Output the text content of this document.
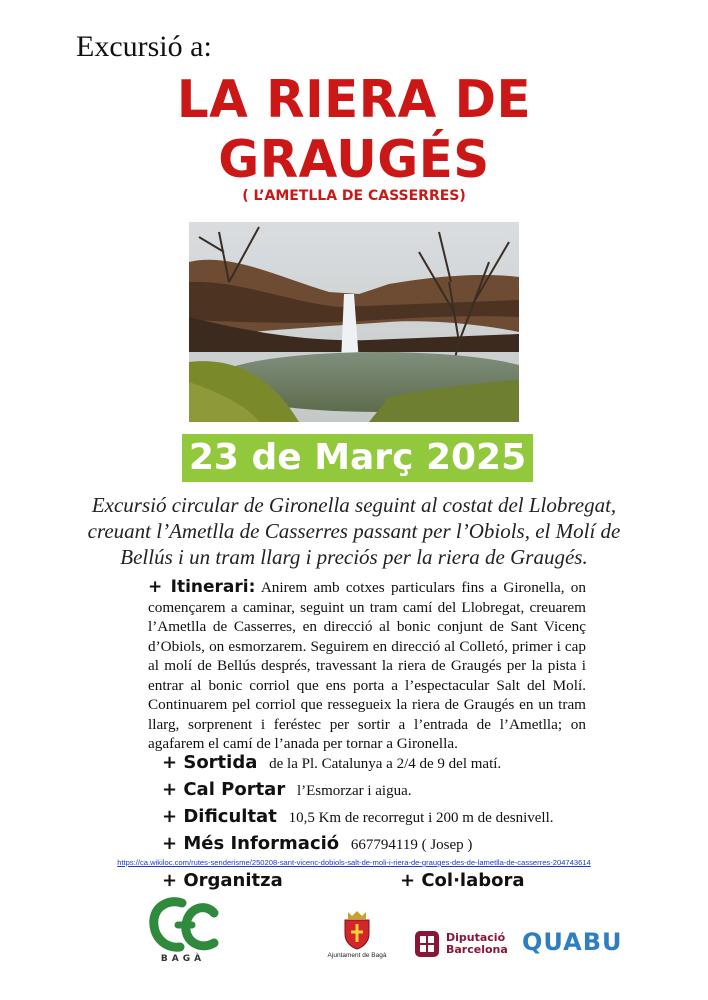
Excursió a:
LA RIERA DE
GRAUGÉS
( L’AMETLLA DE CASSERRES)
23 de Març 2025
Excursió circular de Gironella seguint al costat del Llobregat, creuant l’Ametlla de Casserres passant per l’Obiols, el Molí de Bellús i un tram llarg i preciós per la riera de Graugés.
+ Itinerari: Anirem amb cotxes particulars fins a Gironella, on començarem a caminar, seguint un tram camí del Llobregat, creuarem l’Ametlla de Casserres, en direcció al bonic conjunt de Sant Vicenç d’Obiols, on esmorzarem. Seguirem en direcció al Colletó, primer i cap al molí de Bellús després, travessant la riera de Graugés per la pista i entrar al bonic corriol que ens porta a l’espectacular Salt del Molí. Continuarem pel corriol que ressegueix la riera de Graugés en un tram llarg, sorprenent i feréstec per sortir a l’entrada de l’Ametlla; on agafarem el camí de l’anada per tornar a Gironella.
+ Sortida de la Pl. Catalunya a 2/4 de 9 del matí.
+ Cal Portar l’Esmorzar i aigua.
+ Dificultat 10,5 Km de recorregut i 200 m de desnivell.
+ Més Informació 667794119 ( Josep )
https://ca.wikiloc.com/rutes-senderisme/250208-sant-vicenc-dobiols-salt-de-moli-i-riera-de-grauges-des-de-lametlla-de-casserres-204743614
+ Organitza	+ Col·labora
BAGÀ	Ajuntament de Bagà
Diputació
Barcelona QUABU
